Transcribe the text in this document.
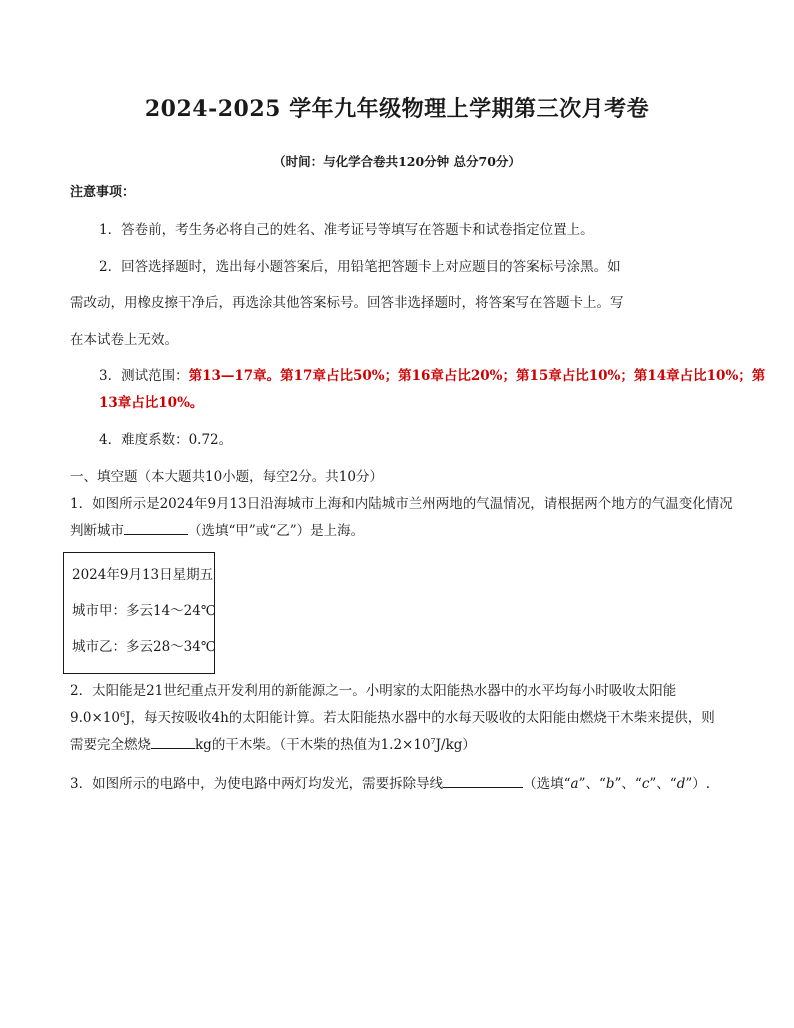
2024-2025 学年九年级物理上学期第三次月考卷
（时间：与化学合卷共120分钟 总分70分）
注意事项：
1．答卷前，考生务必将自己的姓名、准考证号等填写在答题卡和试卷指定位置上。
2．回答选择题时，选出每小题答案后，用铅笔把答题卡上对应题目的答案标号涂黑。如
需改动，用橡皮擦干净后，再选涂其他答案标号。回答非选择题时，将答案写在答题卡上。写
在本试卷上无效。
3．测试范围：第13—17章。第17章占比50%；第16章占比20%；第15章占比10%；第14章占比10%；第
13章占比10%。
4．难度系数：0.72。
一、填空题（本大题共10小题，每空2分。共10分）
1．如图所示是2024年9月13日沿海城市上海和内陆城市兰州两地的气温情况，请根据两个地方的气温变化情况
判断城市	（选填“甲”或“乙”）是上海。
2024年9月13日星期五
城市甲：多云14～24℃
城市乙：多云28～34℃
2．太阳能是21世纪重点开发利用的新能源之一。小明家的太阳能热水器中的水平均每小时吸收太阳能
$9.0\times 10^6J$，每天按吸收4h的太阳能计算。若太阳能热水器中的水每天吸收的太阳能由燃烧干木柴来提供，则
需要完全燃烧	kg的干木柴。（干木柴的热值为$1.2\times 10^7J/kg$）
3．如图所示的电路中，为使电路中两灯均发光，需要拆除导线	（选填“a”、“b”、“c”、“d”）.
